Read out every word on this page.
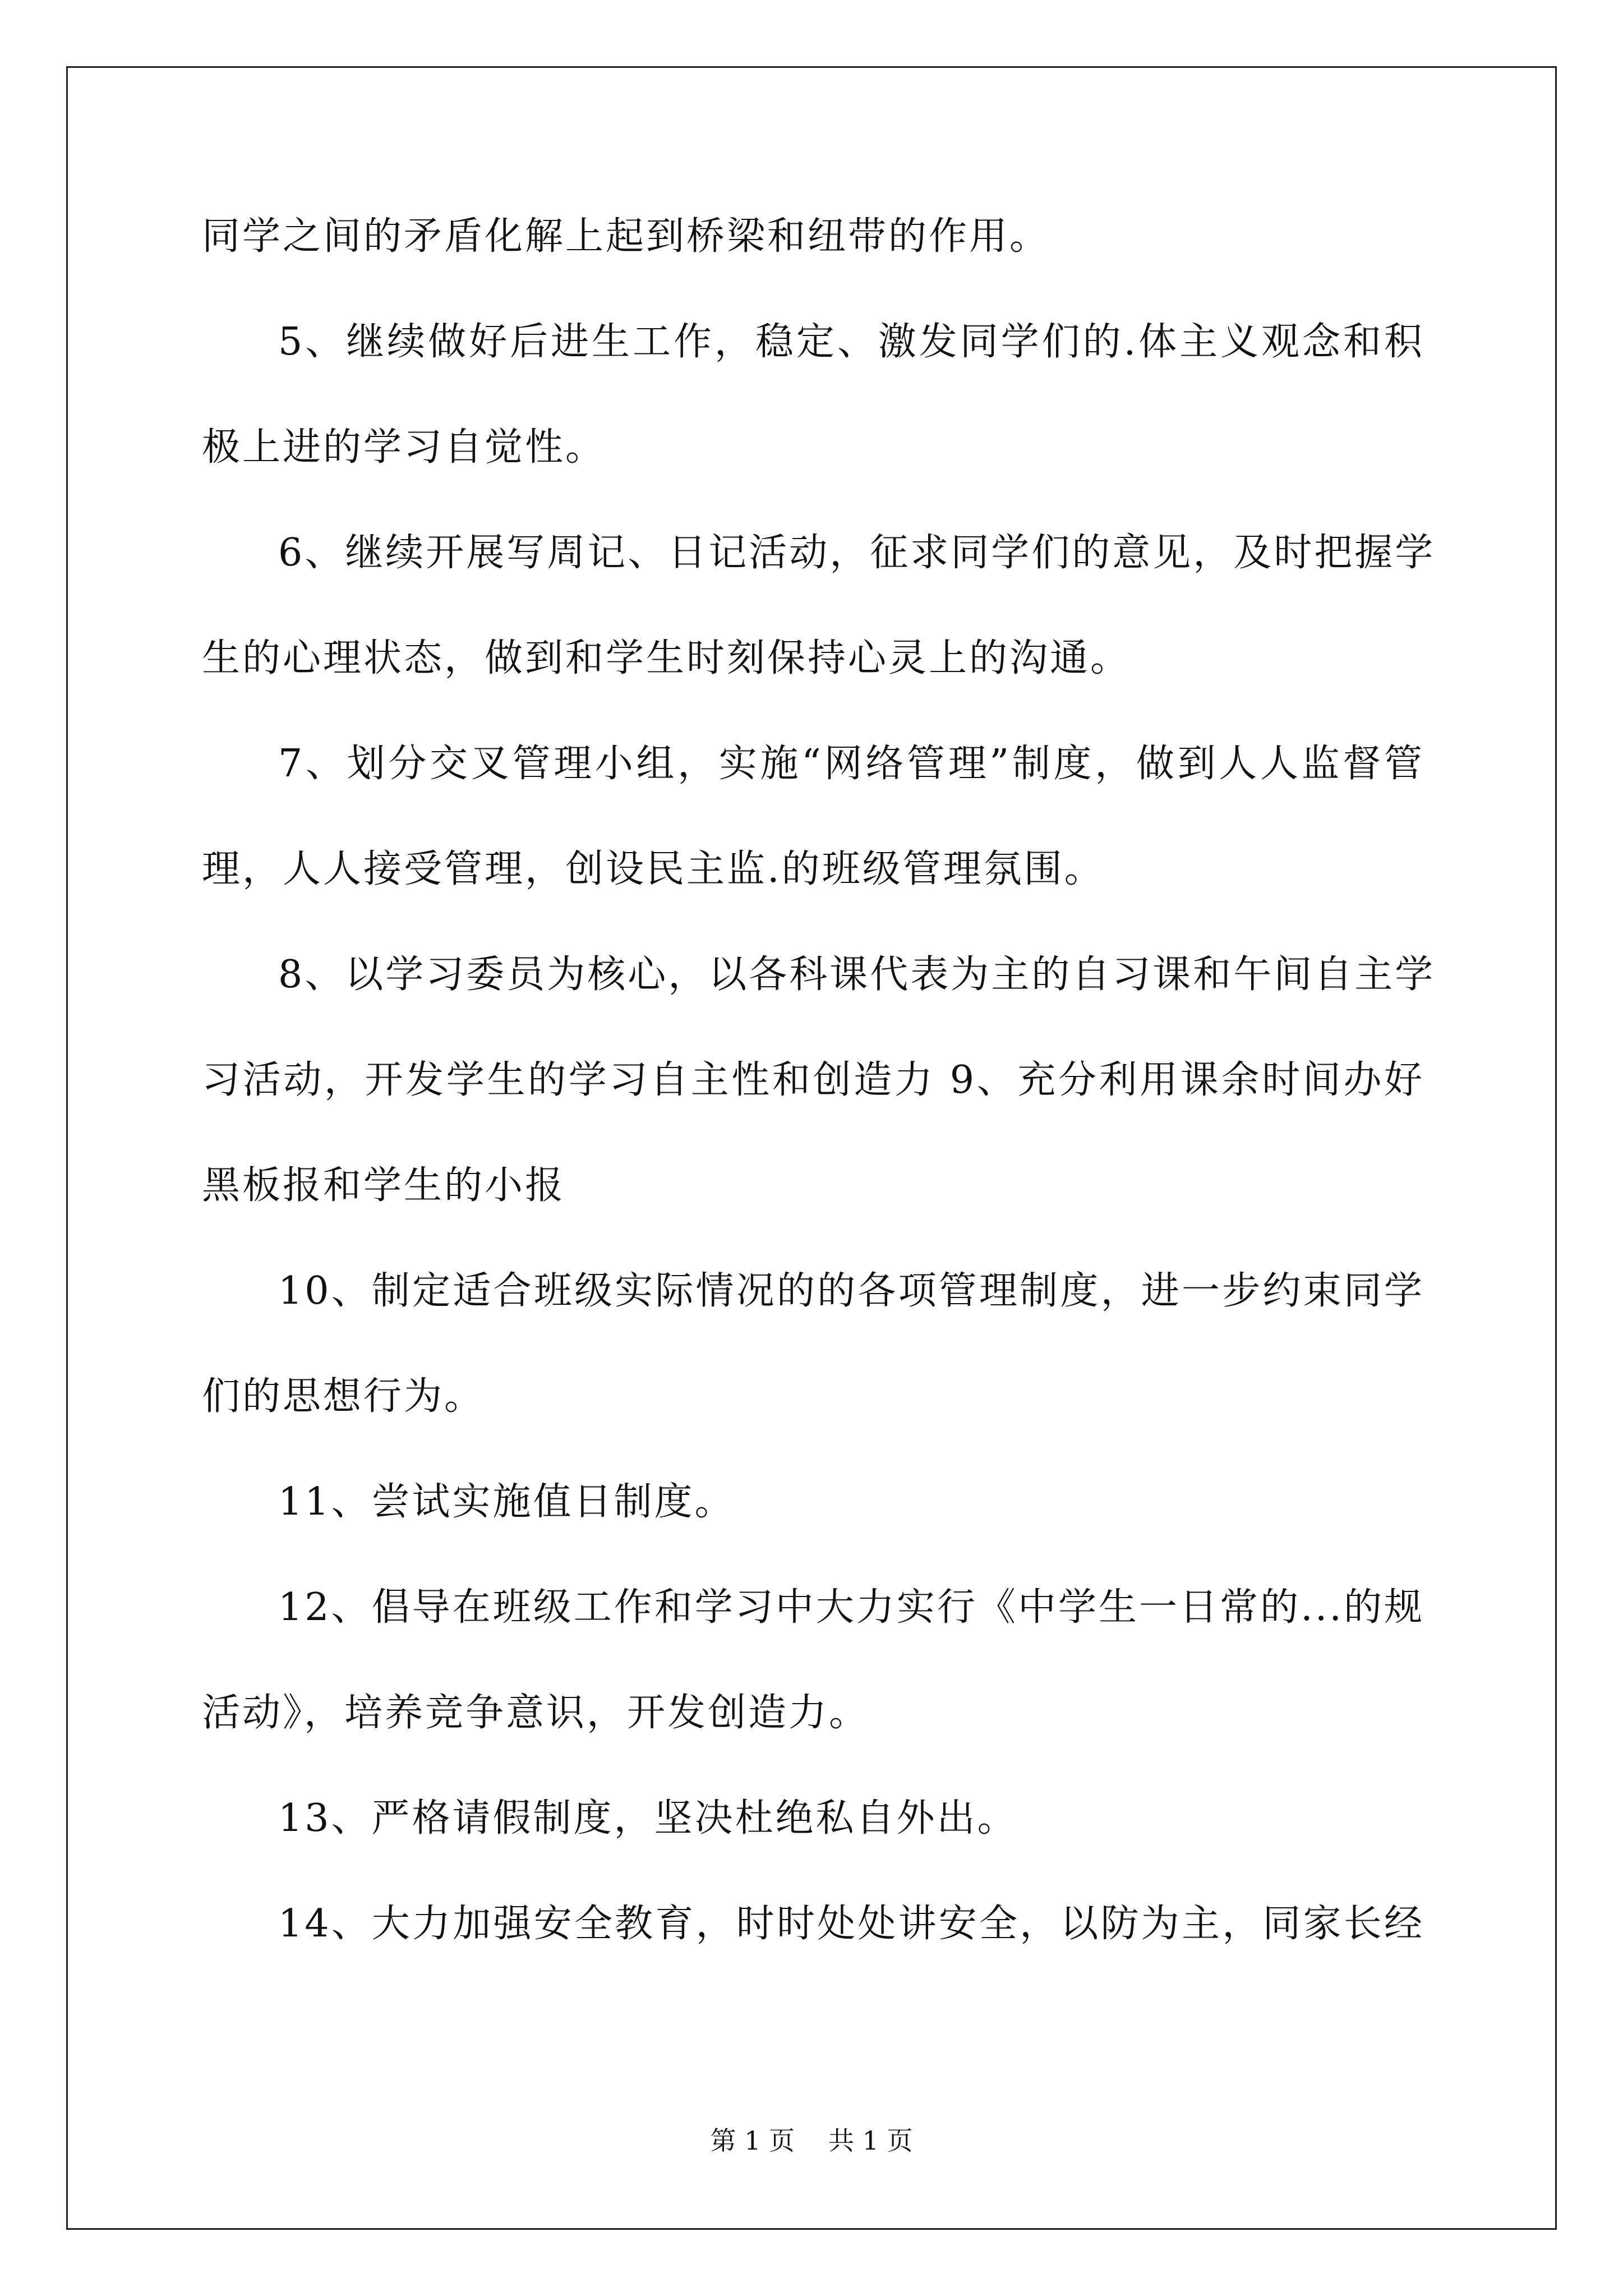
同学之间的矛盾化解上起到桥梁和纽带的作用。
5、继续做好后进生工作，稳定、激发同学们的.体主义观念和积
极上进的学习自觉性。
6、继续开展写周记、日记活动，征求同学们的意见，及时把握学
生的心理状态，做到和学生时刻保持心灵上的沟通。
7、划分交叉管理小组，实施“网络管理”制度，做到人人监督管
理，人人接受管理，创设民主监.的班级管理氛围。
8、以学习委员为核心，以各科课代表为主的自习课和午间自主学
习活动，开发学生的学习自主性和创造力 9、充分利用课余时间办好
黑板报和学生的小报
10、制定适合班级实际情况的的各项管理制度，进一步约束同学
们的思想行为。
11、尝试实施值日制度。
12、倡导在班级工作和学习中大力实行《中学生一日常的...的规
活动》，培养竞争意识，开发创造力。
13、严格请假制度，坚决杜绝私自外出。
14、大力加强安全教育，时时处处讲安全，以防为主，同家长经
第 1 页 共 1 页
